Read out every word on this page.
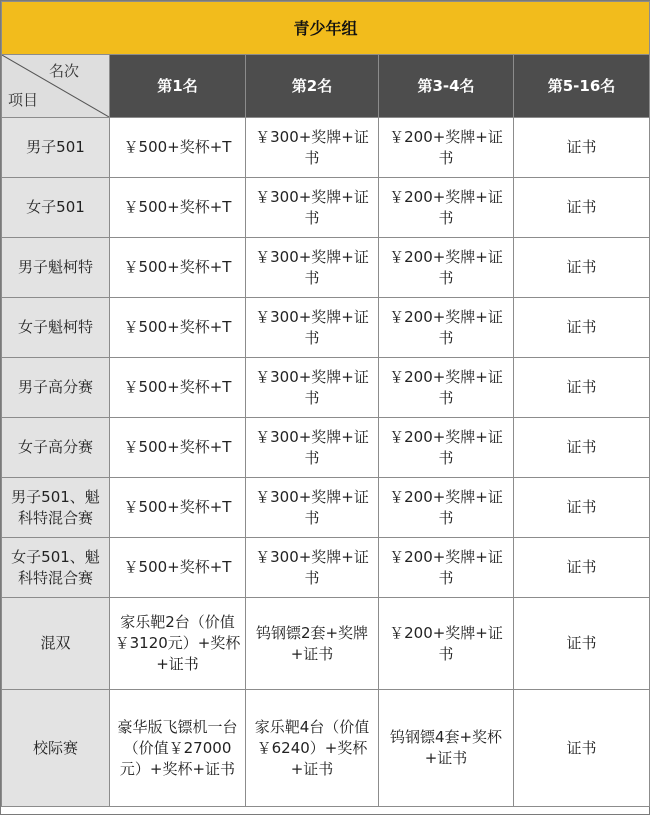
青少年组				

名次
项目	第1名	第2名	第3-4名	第5-16名
男子501	￥500+奖杯+T	￥300+奖牌+证书	￥200+奖牌+证书	证书
女子501	￥500+奖杯+T	￥300+奖牌+证书	￥200+奖牌+证书	证书
男子魁柯特	￥500+奖杯+T	￥300+奖牌+证书	￥200+奖牌+证书	证书
女子魁柯特	￥500+奖杯+T	￥300+奖牌+证书	￥200+奖牌+证书	证书
男子高分赛	￥500+奖杯+T	￥300+奖牌+证书	￥200+奖牌+证书	证书
女子高分赛	￥500+奖杯+T	￥300+奖牌+证书	￥200+奖牌+证书	证书
男子501、魁科特混合赛	￥500+奖杯+T	￥300+奖牌+证书	￥200+奖牌+证书	证书
女子501、魁科特混合赛	￥500+奖杯+T	￥300+奖牌+证书	￥200+奖牌+证书	证书
混双	家乐靶2台（价值￥3120元）+奖杯+证书	钨钢镖2套+奖牌+证书	￥200+奖牌+证书	证书
校际赛	豪华版飞镖机一台（价值￥27000元）+奖杯+证书	家乐靶4台（价值￥6240）+奖杯+证书	钨钢镖4套+奖杯+证书	证书
